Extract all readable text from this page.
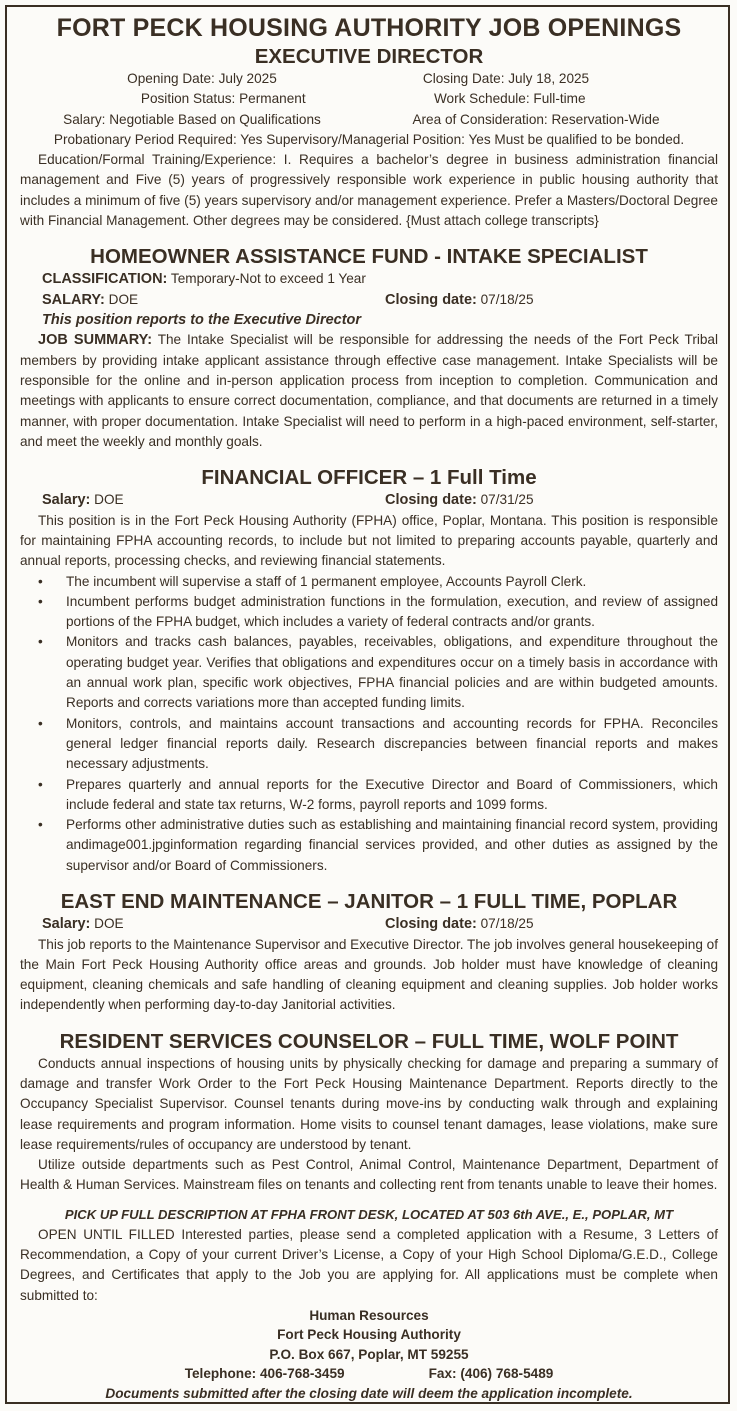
FORT PECK HOUSING AUTHORITY JOB OPENINGS
EXECUTIVE DIRECTOR
Opening Date: July 2025	Closing Date: July 18, 2025
Position Status: Permanent	Work Schedule: Full-time
Salary: Negotiable Based on Qualifications	Area of Consideration: Reservation-Wide

Probationary Period Required: Yes Supervisory/Managerial Position: Yes Must be qualified to be bonded.

Education/Formal Training/Experience: I. Requires a bachelor’s degree in business administration financial management and Five (5) years of progressively responsible work experience in public housing authority that includes a minimum of five (5) years supervisory and/or management experience. Prefer a Masters/Doctoral Degree with Financial Management. Other degrees may be considered. {Must attach college transcripts}

HOMEOWNER ASSISTANCE FUND - INTAKE SPECIALIST
CLASSIFICATION: Temporary-Not to exceed 1 Year
SALARY: DOE	Closing date: 07/18/25
This position reports to the Executive Director

JOB SUMMARY: The Intake Specialist will be responsible for addressing the needs of the Fort Peck Tribal members by providing intake applicant assistance through effective case management. Intake Specialists will be responsible for the online and in-person application process from inception to completion. Communication and meetings with applicants to ensure correct documentation, compliance, and that documents are returned in a timely manner, with proper documentation. Intake Specialist will need to perform in a high-paced environment, self-starter, and meet the weekly and monthly goals.

FINANCIAL OFFICER – 1 Full Time
Salary: DOE	Closing date: 07/31/25

This position is in the Fort Peck Housing Authority (FPHA) office, Poplar, Montana. This position is responsible for maintaining FPHA accounting records, to include but not limited to preparing accounts payable, quarterly and annual reports, processing checks, and reviewing financial statements.

• The incumbent will supervise a staff of 1 permanent employee, Accounts Payroll Clerk.
• Incumbent performs budget administration functions in the formulation, execution, and review of assigned portions of the FPHA budget, which includes a variety of federal contracts and/or grants.
• Monitors and tracks cash balances, payables, receivables, obligations, and expenditure throughout the operating budget year. Verifies that obligations and expenditures occur on a timely basis in accordance with an annual work plan, specific work objectives, FPHA financial policies and are within budgeted amounts. Reports and corrects variations more than accepted funding limits.
• Monitors, controls, and maintains account transactions and accounting records for FPHA. Reconciles general ledger financial reports daily. Research discrepancies between financial reports and makes necessary adjustments.
• Prepares quarterly and annual reports for the Executive Director and Board of Commissioners, which include federal and state tax returns, W-2 forms, payroll reports and 1099 forms.
• Performs other administrative duties such as establishing and maintaining financial record system, providing andimage001.jpginformation regarding financial services provided, and other duties as assigned by the supervisor and/or Board of Commissioners.
EAST END MAINTENANCE – JANITOR – 1 FULL TIME, POPLAR
Salary: DOE	Closing date: 07/18/25

This job reports to the Maintenance Supervisor and Executive Director. The job involves general housekeeping of the Main Fort Peck Housing Authority office areas and grounds. Job holder must have knowledge of cleaning equipment, cleaning chemicals and safe handling of cleaning equipment and cleaning supplies. Job holder works independently when performing day-to-day Janitorial activities.

RESIDENT SERVICES COUNSELOR – FULL TIME, WOLF POINT

Conducts annual inspections of housing units by physically checking for damage and preparing a summary of damage and transfer Work Order to the Fort Peck Housing Maintenance Department. Reports directly to the Occupancy Specialist Supervisor. Counsel tenants during move-ins by conducting walk through and explaining lease requirements and program information. Home visits to counsel tenant damages, lease violations, make sure lease requirements/rules of occupancy are understood by tenant.

Utilize outside departments such as Pest Control, Animal Control, Maintenance Department, Department of Health & Human Services. Mainstream files on tenants and collecting rent from tenants unable to leave their homes.

PICK UP FULL DESCRIPTION AT FPHA FRONT DESK, LOCATED AT 503 6th AVE., E., POPLAR, MT

OPEN UNTIL FILLED Interested parties, please send a completed application with a Resume, 3 Letters of Recommendation, a Copy of your current Driver’s License, a Copy of your High School Diploma/G.E.D., College Degrees, and Certificates that apply to the Job you are applying for. All applications must be complete when submitted to:

Human Resources
Fort Peck Housing Authority
P.O. Box 667, Poplar, MT 59255
Telephone: 406-768-3459	Fax: (406) 768-5489
Documents submitted after the closing date will deem the application incomplete.
